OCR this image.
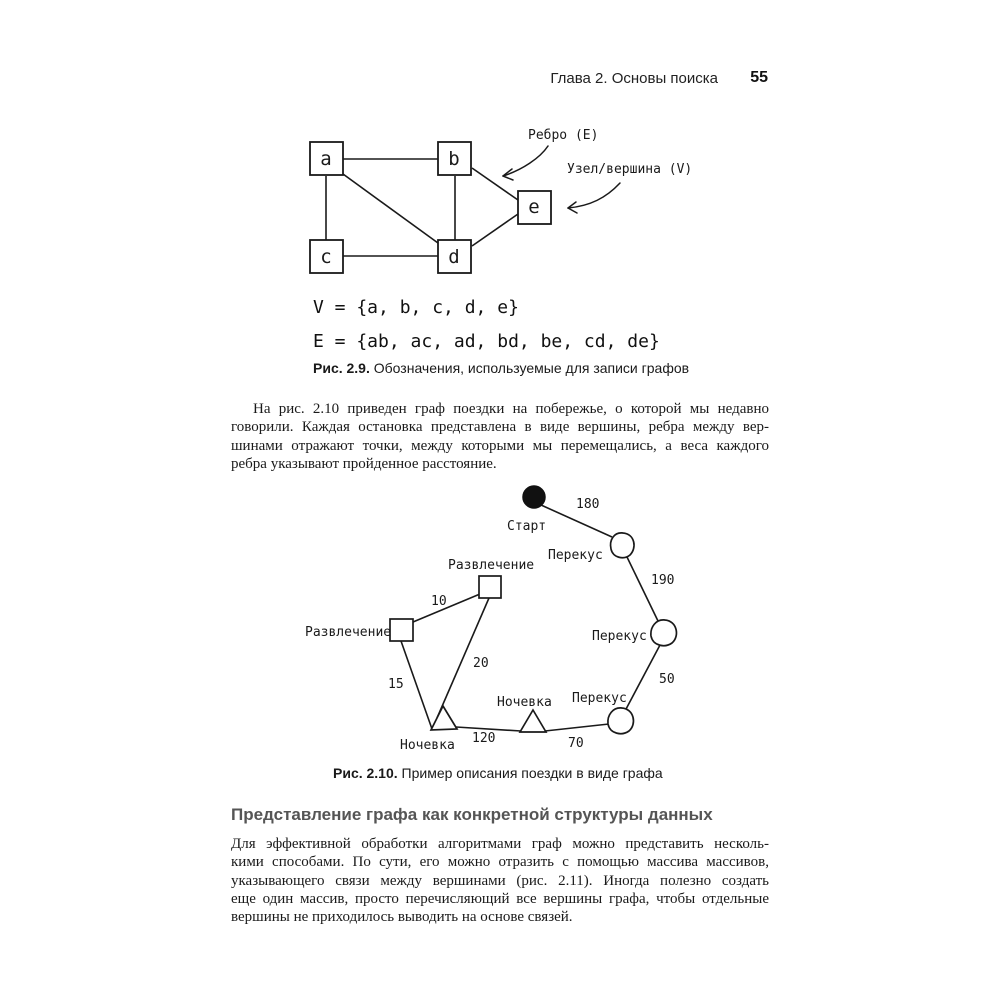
Глава 2. Основы поиска 55
a	b
c	d
e
Ребро (E)
Узел/вершина (V)
V = {a, b, c, d, e}
E = {ab, ac, ad, bd, be, cd, de}
Рис. 2.9. Обозначения, используемые для записи графов
На рис. 2.10 приведен граф поездки на побережье, о которой мы недавно
говорили. Каждая остановка представлена в виде вершины, ребра между вер-
шинами отражают точки, между которыми мы перемещались, а веса каждого
ребра указывают пройденное расстояние.
Старт
Перекус
Перекус
Перекус
Развлечение
Развлечение
Ночевка
Ночевка
180
190
50
70
120
15
20
10
Рис. 2.10. Пример описания поездки в виде графа
Представление графа как конкретной структуры данных
Для эффективной обработки алгоритмами граф можно представить несколь-
кими способами. По сути, его можно отразить с помощью массива массивов,
указывающего связи между вершинами (рис. 2.11). Иногда полезно создать
еще один массив, просто перечисляющий все вершины графа, чтобы отдельные
вершины не приходилось выводить на основе связей.
